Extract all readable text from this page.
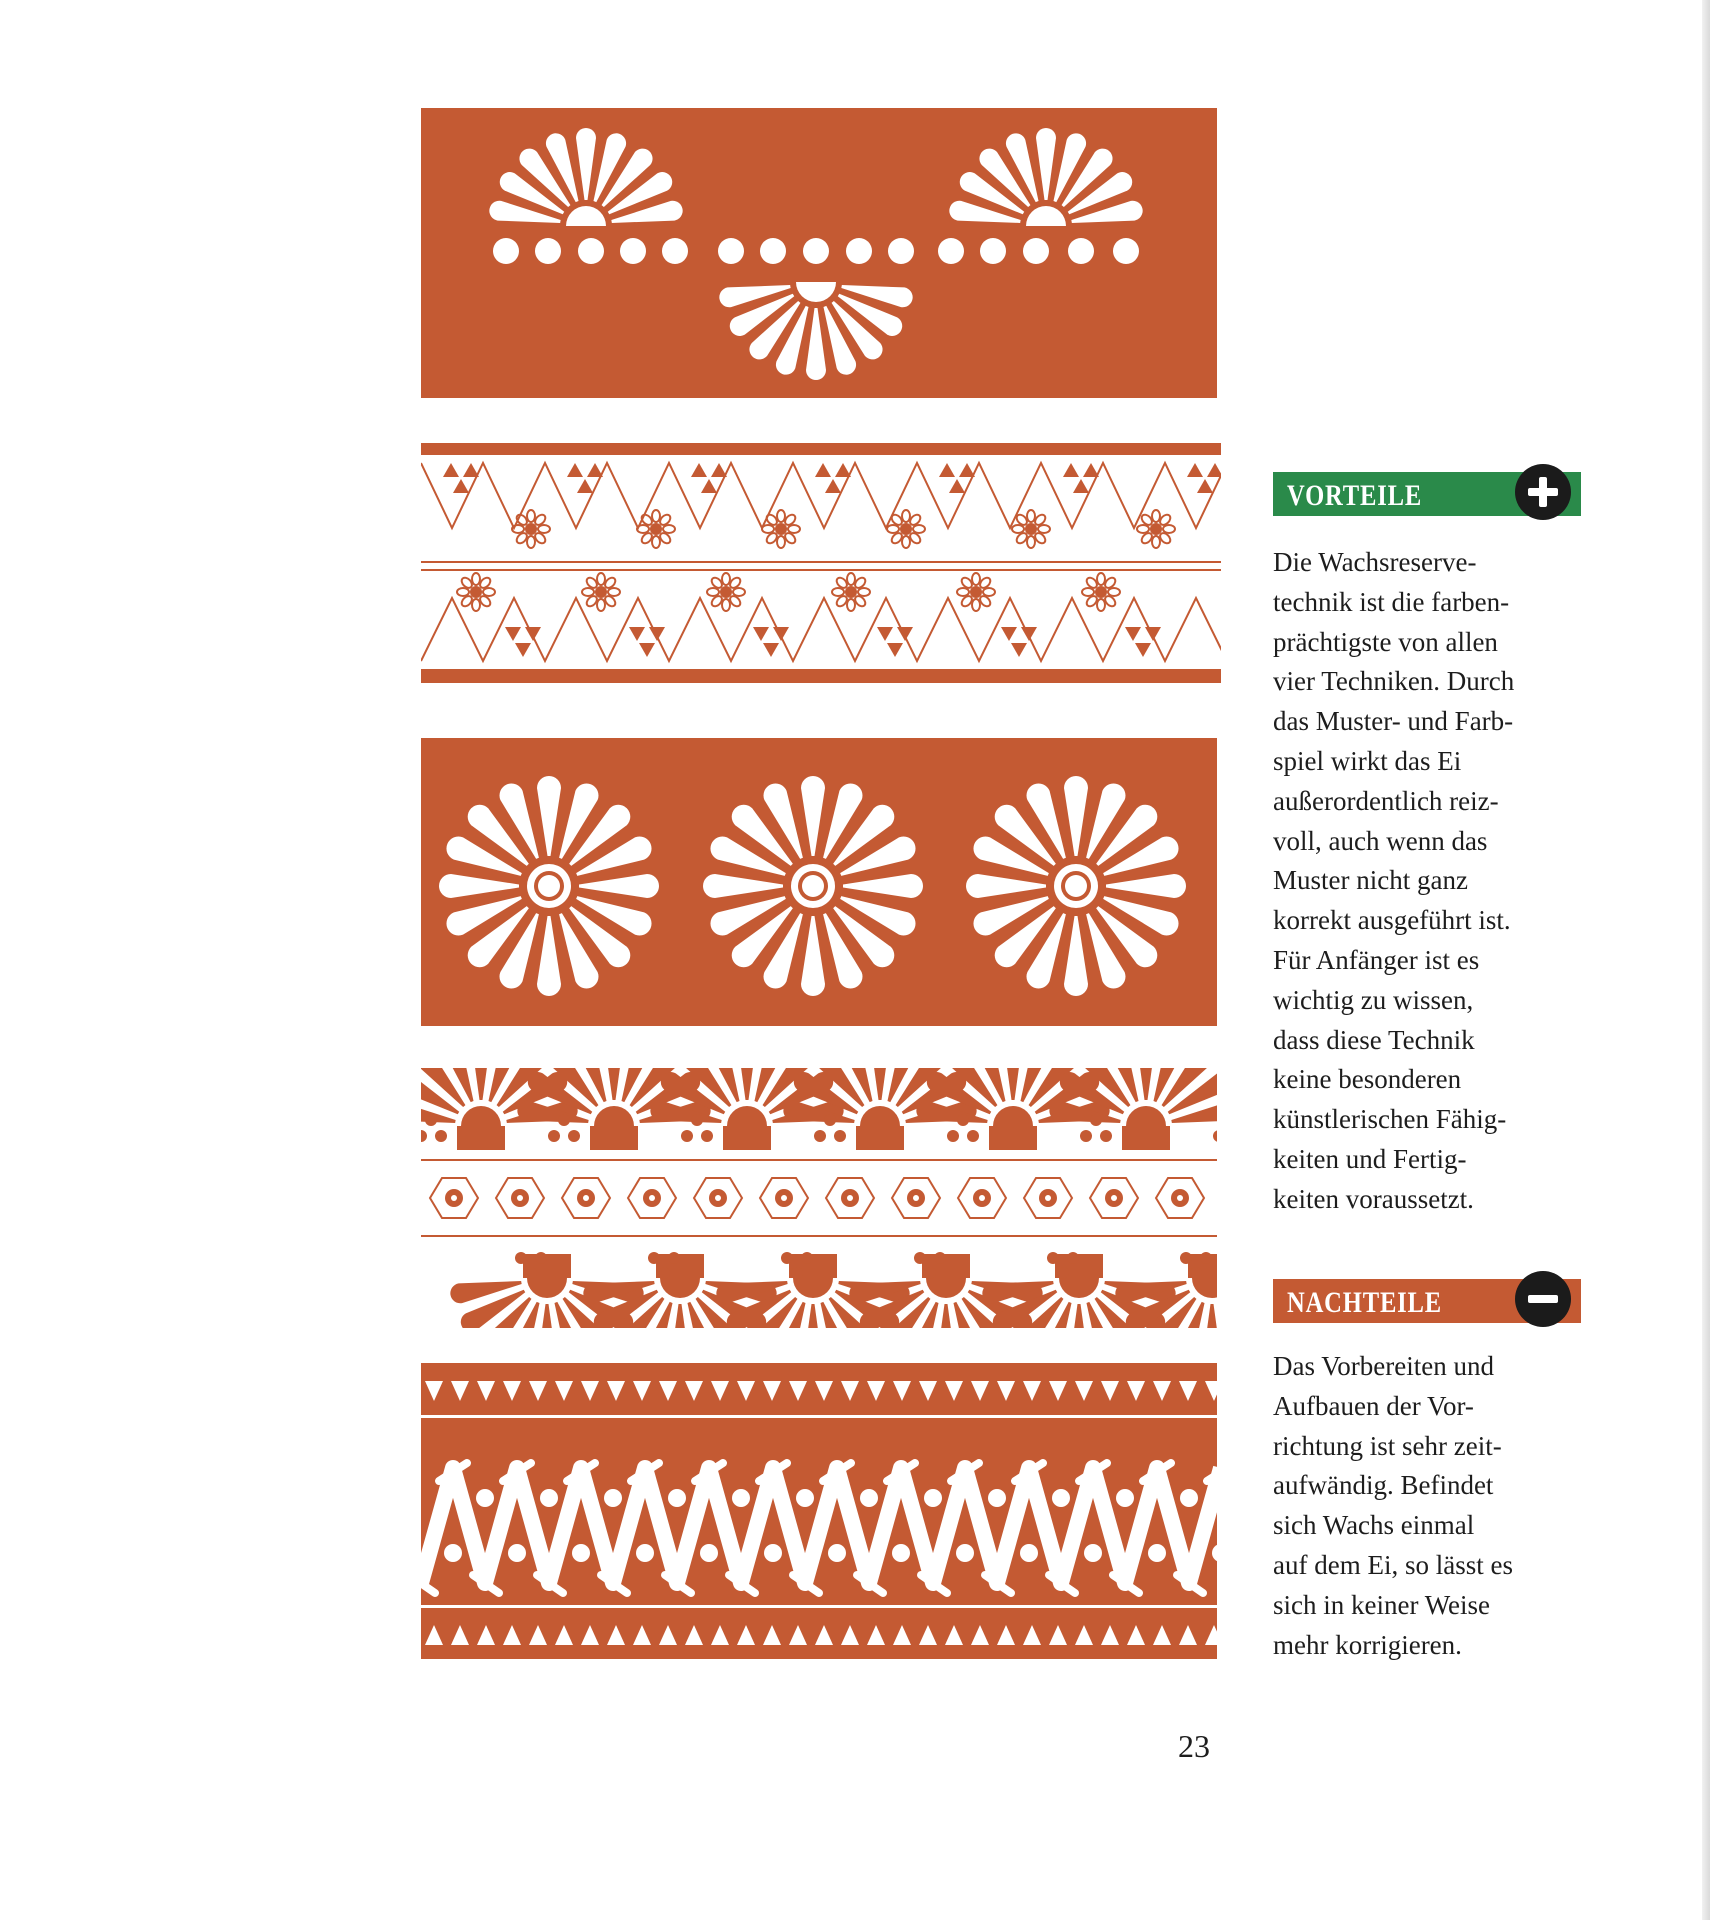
VORTEILE
Die Wachsreserve-
technik ist die farben-
prächtigste von allen
vier Techniken. Durch
das Muster- und Farb-
spiel wirkt das Ei
außerordentlich reiz-
voll, auch wenn das
Muster nicht ganz
korrekt ausgeführt ist.
Für Anfänger ist es
wichtig zu wissen,
dass diese Technik
keine besonderen
künstlerischen Fähig-
keiten und Fertig-
keiten voraussetzt.
NACHTEILE
Das Vorbereiten und
Aufbauen der Vor-
richtung ist sehr zeit-
aufwändig. Befindet
sich Wachs einmal
auf dem Ei, so lässt es
sich in keiner Weise
mehr korrigieren.
23
